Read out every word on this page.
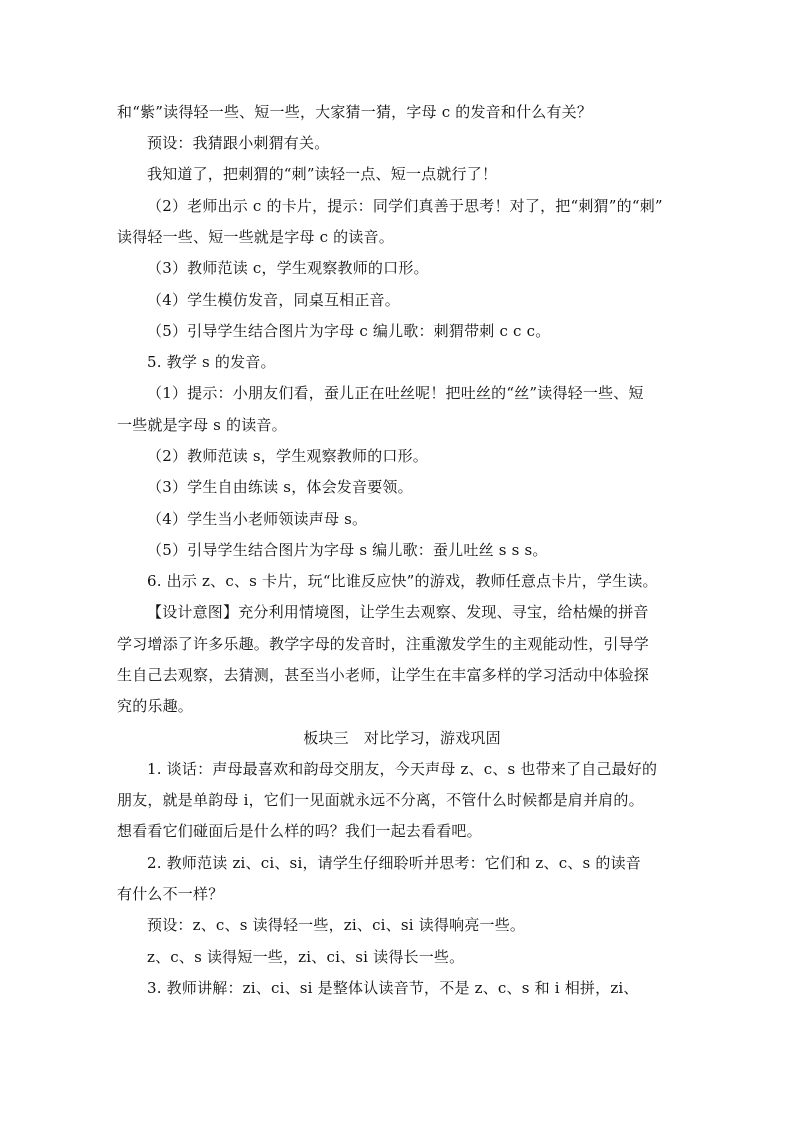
和“紫”读得轻一些、短一些，大家猜一猜，字母 c 的发音和什么有关？
预设：我猜跟小刺猬有关。
我知道了，把刺猬的“刺”读轻一点、短一点就行了！
（2）老师出示 c 的卡片，提示：同学们真善于思考！对了，把“刺猬”的“刺”
读得轻一些、短一些就是字母 c 的读音。
（3）教师范读 c，学生观察教师的口形。
（4）学生模仿发音，同桌互相正音。
（5）引导学生结合图片为字母 c 编儿歌：刺猬带刺 c c c。
5. 教学 s 的发音。
（1）提示：小朋友们看，蚕儿正在吐丝呢！把吐丝的“丝”读得轻一些、短
一些就是字母 s 的读音。
（2）教师范读 s，学生观察教师的口形。
（3）学生自由练读 s，体会发音要领。
（4）学生当小老师领读声母 s。
（5）引导学生结合图片为字母 s 编儿歌：蚕儿吐丝 s s s。
6. 出示 z、c、s 卡片，玩“比谁反应快”的游戏，教师任意点卡片，学生读。
【设计意图】充分利用情境图，让学生去观察、发现、寻宝，给枯燥的拼音
学习增添了许多乐趣。教学字母的发音时，注重激发学生的主观能动性，引导学
生自己去观察，去猜测，甚至当小老师，让学生在丰富多样的学习活动中体验探
究的乐趣。
板块三　对比学习，游戏巩固
1. 谈话：声母最喜欢和韵母交朋友，今天声母 z、c、s 也带来了自己最好的
朋友，就是单韵母 i，它们一见面就永远不分离，不管什么时候都是肩并肩的。
想看看它们碰面后是什么样的吗？我们一起去看看吧。
2. 教师范读 zi、ci、si，请学生仔细聆听并思考：它们和 z、c、s 的读音
有什么不一样？
预设：z、c、s 读得轻一些，zi、ci、si 读得响亮一些。
z、c、s 读得短一些，zi、ci、si 读得长一些。
3. 教师讲解：zi、ci、si 是整体认读音节，不是 z、c、s 和 i 相拼，zi、
